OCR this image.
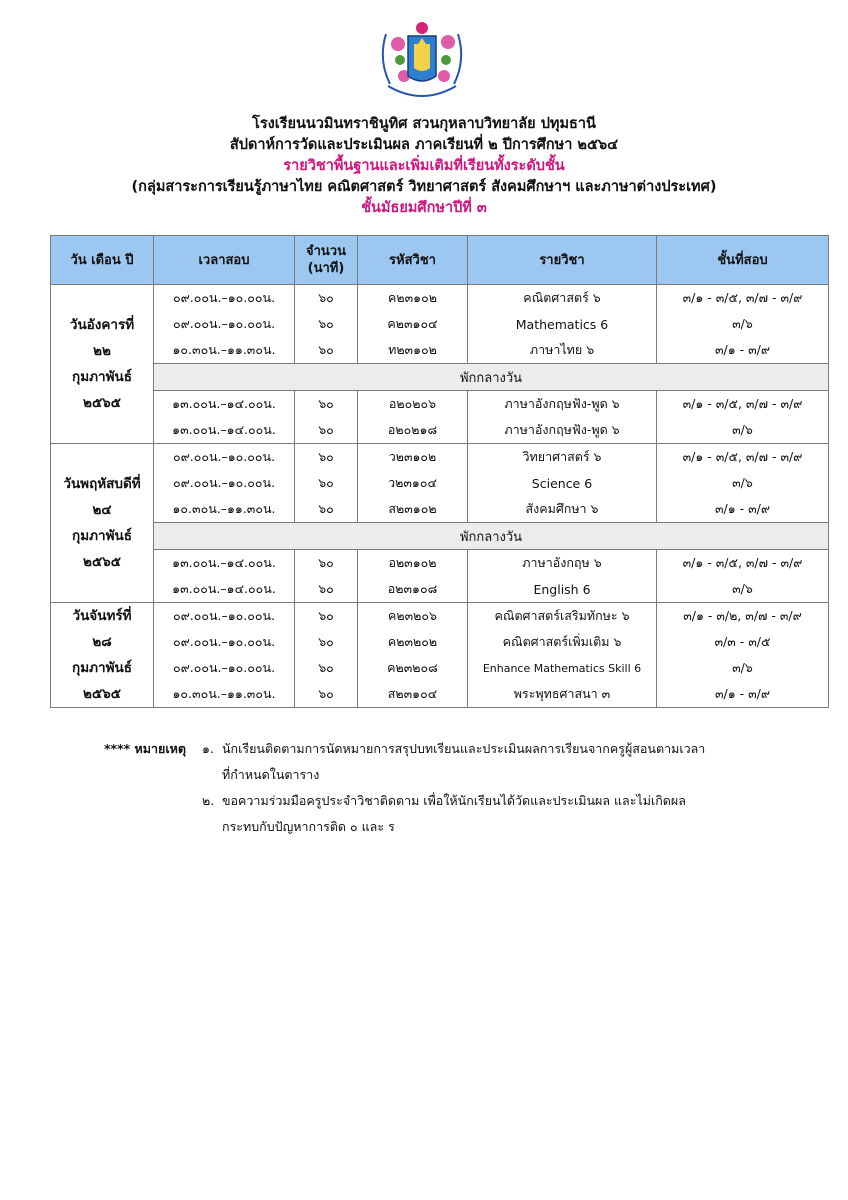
โรงเรียนนวมินทราชินูทิศ สวนกุหลาบวิทยาลัย ปทุมธานี
สัปดาห์การวัดและประเมินผล ภาคเรียนที่ ๒ ปีการศึกษา ๒๕๖๔
รายวิชาพื้นฐานและเพิ่มเติมที่เรียนทั้งระดับชั้น
(กลุ่มสาระการเรียนรู้ภาษาไทย คณิตศาสตร์ วิทยาศาสตร์ สังคมศึกษาฯ และภาษาต่างประเทศ)
ชั้นมัธยมศึกษาปีที่ ๓
วัน เดือน ปี	เวลาสอบ	จำนวน (นาที)	รหัสวิชา	รายวิชา	ชั้นที่สอบ

วันอังคารที่
๒๒
กุมภาพันธ์
๒๕๖๕	๐๙.๐๐น.–๑๐.๐๐น.	๖๐	ค๒๓๑๐๒	คณิตศาสตร์ ๖	๓/๑ - ๓/๕, ๓/๗ - ๓/๙
	๐๙.๐๐น.–๑๐.๐๐น.	๖๐	ค๒๓๑๐๔	Mathematics 6	๓/๖
	๑๐.๓๐น.–๑๑.๓๐น.	๖๐	ท๒๓๑๐๒	ภาษาไทย ๖	๓/๑ - ๓/๙
	พักกลางวัน				
	๑๓.๐๐น.–๑๔.๐๐น.	๖๐	อ๒๐๒๐๖	ภาษาอังกฤษฟัง-พูด ๖	๓/๑ - ๓/๕, ๓/๗ - ๓/๙
	๑๓.๐๐น.–๑๔.๐๐น.	๖๐	อ๒๐๒๑๘	ภาษาอังกฤษฟัง-พูด ๖	๓/๖

วันพฤหัสบดีที่
๒๔
กุมภาพันธ์
๒๕๖๕	๐๙.๐๐น.–๑๐.๐๐น.	๖๐	ว๒๓๑๐๒	วิทยาศาสตร์ ๖	๓/๑ - ๓/๕, ๓/๗ - ๓/๙
	๐๙.๐๐น.–๑๐.๐๐น.	๖๐	ว๒๓๑๐๔	Science 6	๓/๖
	๑๐.๓๐น.–๑๑.๓๐น.	๖๐	ส๒๓๑๐๒	สังคมศึกษา ๖	๓/๑ - ๓/๙
	พักกลางวัน				
	๑๓.๐๐น.–๑๔.๐๐น.	๖๐	อ๒๓๑๐๒	ภาษาอังกฤษ ๖	๓/๑ - ๓/๕, ๓/๗ - ๓/๙
	๑๓.๐๐น.–๑๔.๐๐น.	๖๐	อ๒๓๑๐๘	English 6	๓/๖

วันจันทร์ที่
๒๘
กุมภาพันธ์
๒๕๖๕	๐๙.๐๐น.–๑๐.๐๐น.	๖๐	ค๒๓๒๐๖	คณิตศาสตร์เสริมทักษะ ๖	๓/๑ - ๓/๒, ๓/๗ - ๓/๙
	๐๙.๐๐น.–๑๐.๐๐น.	๖๐	ค๒๓๒๐๒	คณิตศาสตร์เพิ่มเติม ๖	๓/๓ - ๓/๕
	๐๙.๐๐น.–๑๐.๐๐น.	๖๐	ค๒๓๒๐๘	Enhance Mathematics Skill 6	๓/๖
	๑๐.๓๐น.–๑๑.๓๐น.	๖๐	ส๒๓๑๐๔	พระพุทธศาสนา ๓	๓/๑ - ๓/๙
**** หมายเหตุ	๑. นักเรียนติดตามการนัดหมายการสรุปบทเรียนและประเมินผลการเรียนจากครูผู้สอนตามเวลา
ที่กำหนดในตาราง
๒. ขอความร่วมมือครูประจำวิชาติดตาม เพื่อให้นักเรียนได้วัดและประเมินผล และไม่เกิดผล
กระทบกับปัญหาการติด ๐ และ ร
